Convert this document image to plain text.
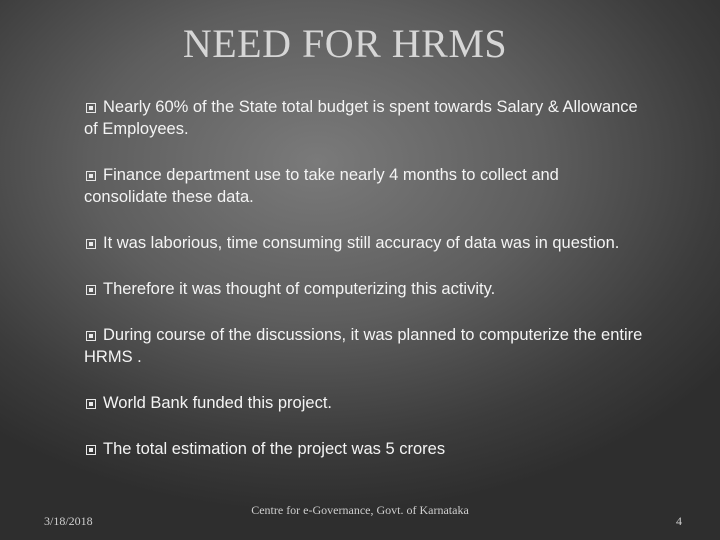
NEED FOR HRMS
Nearly 60% of the State total budget is spent towards Salary & Allowance of Employees.
Finance department use to take nearly 4 months to collect and consolidate these data.
It was laborious, time consuming still accuracy of data was in question.
Therefore it was thought of computerizing this activity.
During course of the discussions, it was planned to computerize the entire HRMS .
World Bank funded this project.
The total estimation of the project was 5 crores
3/18/2018
Centre for e-Governance, Govt. of Karnataka
4
